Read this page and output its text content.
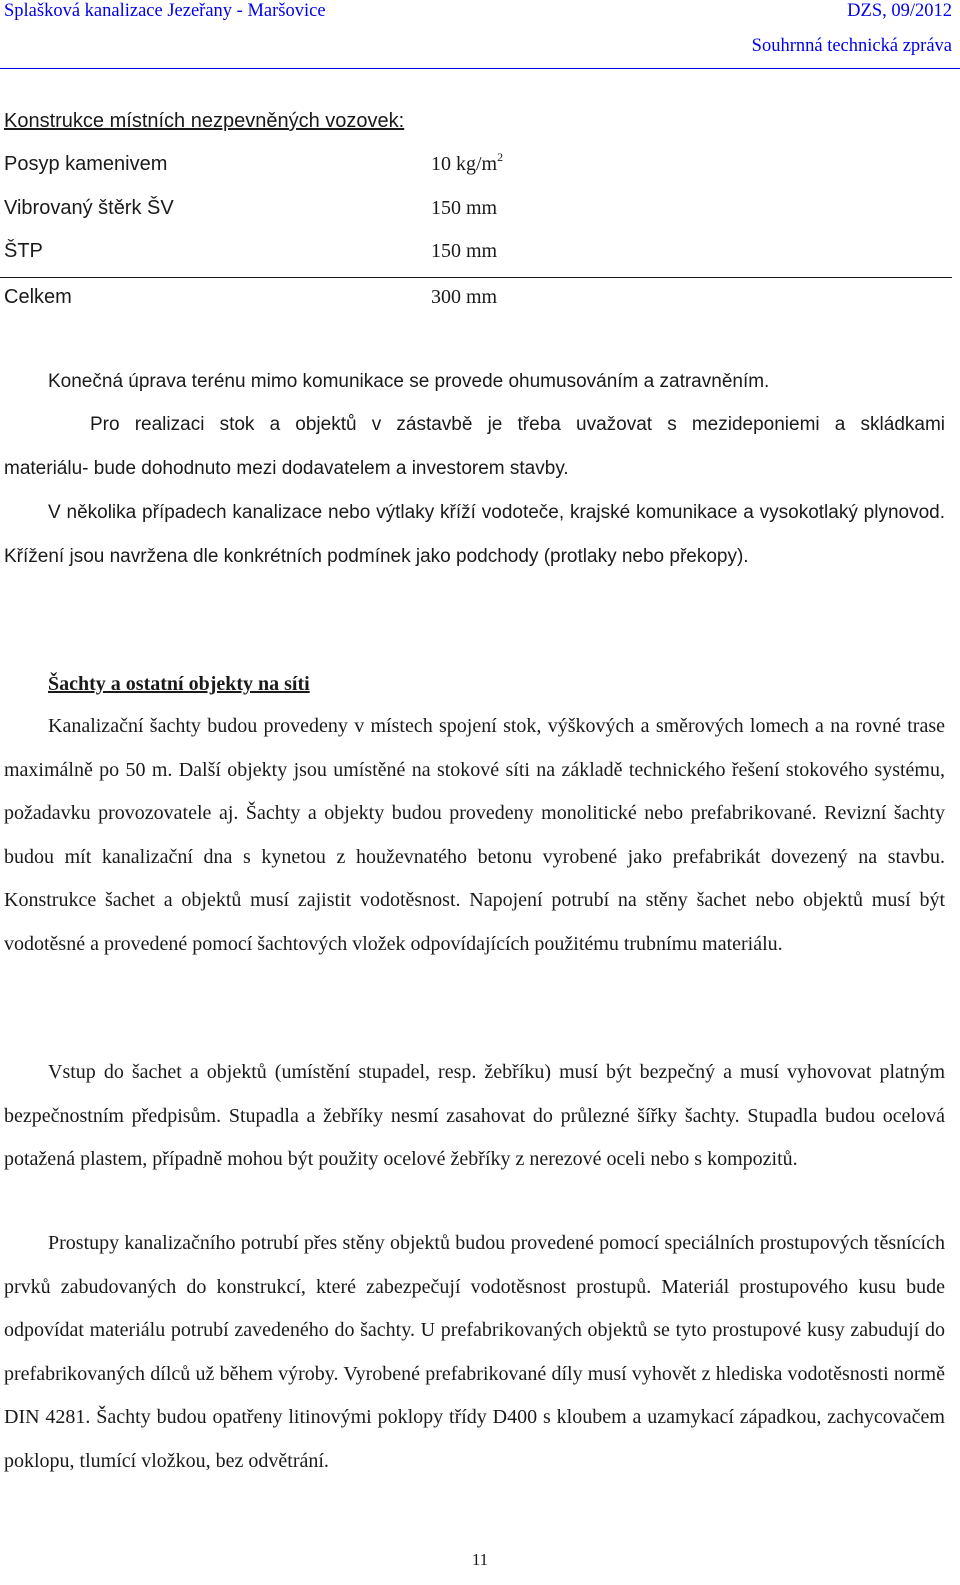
Splašková kanalizace Jezeřany - Maršovice	DZS, 09/2012
Souhrnná technická zpráva
Konstrukce místních nezpevněných vozovek:
Posyp kamenivem	10 $kg/m^2$
Vibrovaný štěrk ŠV	150 mm
ŠTP	150 mm
Celkem	300 mm
Konečná úprava terénu mimo komunikace se provede ohumusováním a zatravněním.
Pro realizaci stok a objektů v zástavbě je třeba uvažovat s mezideponiemi a skládkami
materiálu- bude dohodnuto mezi dodavatelem a investorem stavby.

V několika případech kanalizace nebo výtlaky kříží vodoteče, krajské komunikace a vysokotlaký plynovod. Křížení jsou navržena dle konkrétních podmínek jako podchody (protlaky nebo překopy).

Šachty a ostatní objekty na síti

Kanalizační šachty budou provedeny v místech spojení stok, výškových a směrových lomech a na rovné trase maximálně po 50 m. Další objekty jsou umístěné na stokové síti na základě technického řešení stokového systému, požadavku provozovatele aj. Šachty a objekty budou provedeny monolitické nebo prefabrikované. Revizní šachty budou mít kanalizační dna s kynetou z houževnatého betonu vyrobené jako prefabrikát dovezený na stavbu. Konstrukce šachet a objektů musí zajistit vodotěsnost. Napojení potrubí na stěny šachet nebo objektů musí být vodotěsné a provedené pomocí šachtových vložek odpovídajících použitému trubnímu materiálu.

Vstup do šachet a objektů (umístění stupadel, resp. žebříku) musí být bezpečný a musí vyhovovat platným bezpečnostním předpisům. Stupadla a žebříky nesmí zasahovat do průlezné šířky šachty. Stupadla budou ocelová potažená plastem, případně mohou být použity ocelové žebříky z nerezové oceli nebo s kompozitů.

Prostupy kanalizačního potrubí přes stěny objektů budou provedené pomocí speciálních prostupových těsnících prvků zabudovaných do konstrukcí, které zabezpečují vodotěsnost prostupů. Materiál prostupového kusu bude odpovídat materiálu potrubí zavedeného do šachty. U prefabrikovaných objektů se tyto prostupové kusy zabudují do prefabrikovaných dílců už během výroby. Vyrobené prefabrikované díly musí vyhovět z hlediska vodotěsnosti normě DIN 4281. Šachty budou opatřeny litinovými poklopy třídy D400 s kloubem a uzamykací západkou, zachycovačem poklopu, tlumící vložkou, bez odvětrání.

11
